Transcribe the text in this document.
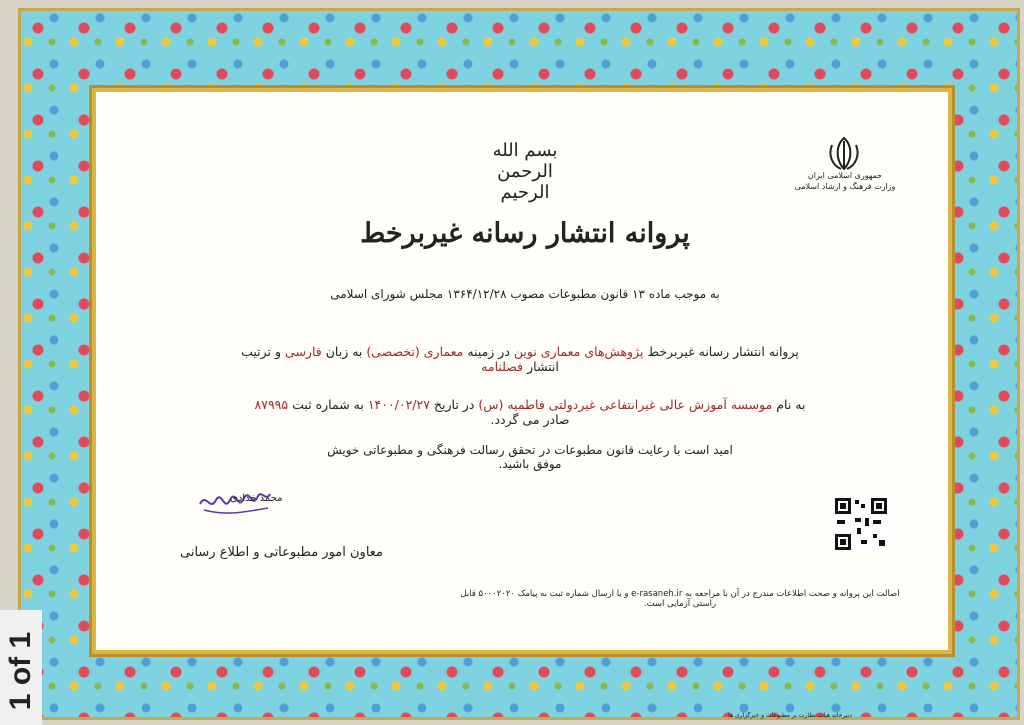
بسم الله الرحمن الرحیم
جمهوری اسلامی ایران
وزارت فرهنگ و ارشاد اسلامی
پروانه انتشار رسانه غیربرخط
به موجب ماده ۱۳ قانون مطبوعات مصوب ۱۳۶۴/۱۲/۲۸ مجلس شورای اسلامی
پروانه انتشار رسانه غیربرخط پژوهش‌های معماری نوین در زمینه معماری (تخصصی) به زبان فارسی و ترتیب انتشار فصلنامه
به نام موسسه آموزش عالی غیرانتفاعی غیردولتی فاطمیه (س) در تاریخ ۱۴۰۰/۰۲/۲۷ به شماره ثبت ۸۷۹۹۵ صادر می گردد.
امید است با رعایت قانون مطبوعات در تحقق رسالت فرهنگی و مطبوعاتی خویش موفق باشید.
محمد خدادی
معاون امور مطبوعاتی و اطلاع رسانی
اصالت این پروانه و صحت اطلاعات مندرج در آن با مراجعه به e-rasaneh.ir و یا ارسال شماره ثبت به پیامک ۵۰۰۰۲۰۲۰ قابل راستی آزمایی است.
دبیرخانه هیات نظارت بر مطبوعات و خبرگزاری ها
1 of 1
